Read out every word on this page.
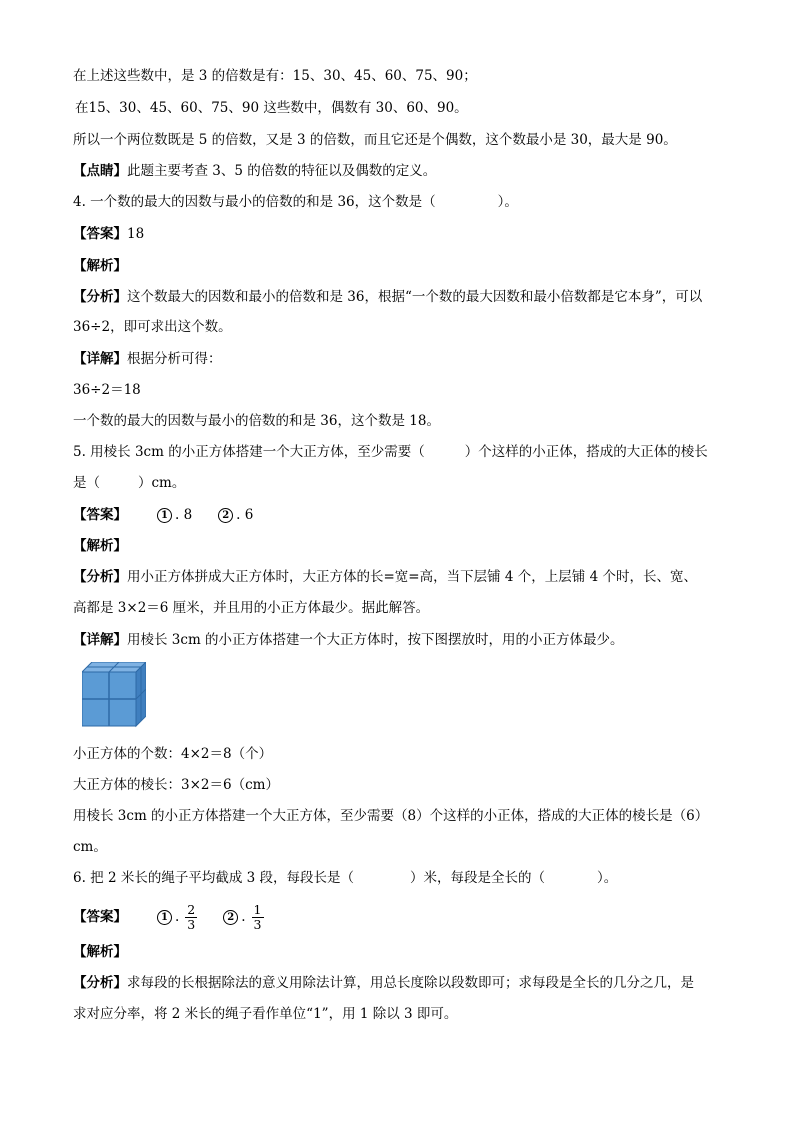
在上述这些数中，是 3 的倍数是有：15、30、45、60、75、90；
在15、30、45、60、75、90 这些数中，偶数有 30、60、90。
所以一个两位数既是 5 的倍数，又是 3 的倍数，而且它还是个偶数，这个数最小是 30，最大是 90。
【点睛】此题主要考查 3、5 的倍数的特征以及偶数的定义。
4. 一个数的最大的因数与最小的倍数的和是 36，这个数是（	）。
【答案】18
【解析】
【分析】这个数最大的因数和最小的倍数和是 36，根据“一个数的最大因数和最小倍数都是它本身”，可以
36÷2，即可求出这个数。
【详解】根据分析可得：
36÷2＝18
一个数的最大的因数与最小的倍数的和是 36，这个数是 18。
5. 用棱长 3cm 的小正方体搭建一个大正方体，至少需要（	）个这样的小正体，搭成的大正体的棱长
是（	）cm。
【答案】	1 . 8	2 . 6
【解析】
【分析】用小正方体拼成大正方体时，大正方体的长=宽=高，当下层铺 4 个，上层铺 4 个时，长、宽、
高都是 3×2＝6 厘米，并且用的小正方体最少。据此解答。
【详解】用棱长 3cm 的小正方体搭建一个大正方体时，按下图摆放时，用的小正方体最少。
小正方体的个数：4×2＝8（个）
大正方体的棱长：3×2＝6（cm）
用棱长 3cm 的小正方体搭建一个大正方体，至少需要（8）个这样的小正体，搭成的大正体的棱长是（6）
cm。
6. 把 2 米长的绳子平均截成 3 段，每段长是（	）米，每段是全长的（	）。
【答案】	1 . $\frac{2}{3}$	2 . $\frac{1}{3}$
【解析】
【分析】求每段的长根据除法的意义用除法计算，用总长度除以段数即可；求每段是全长的几分之几，是
求对应分率，将 2 米长的绳子看作单位“1”，用 1 除以 3 即可。
